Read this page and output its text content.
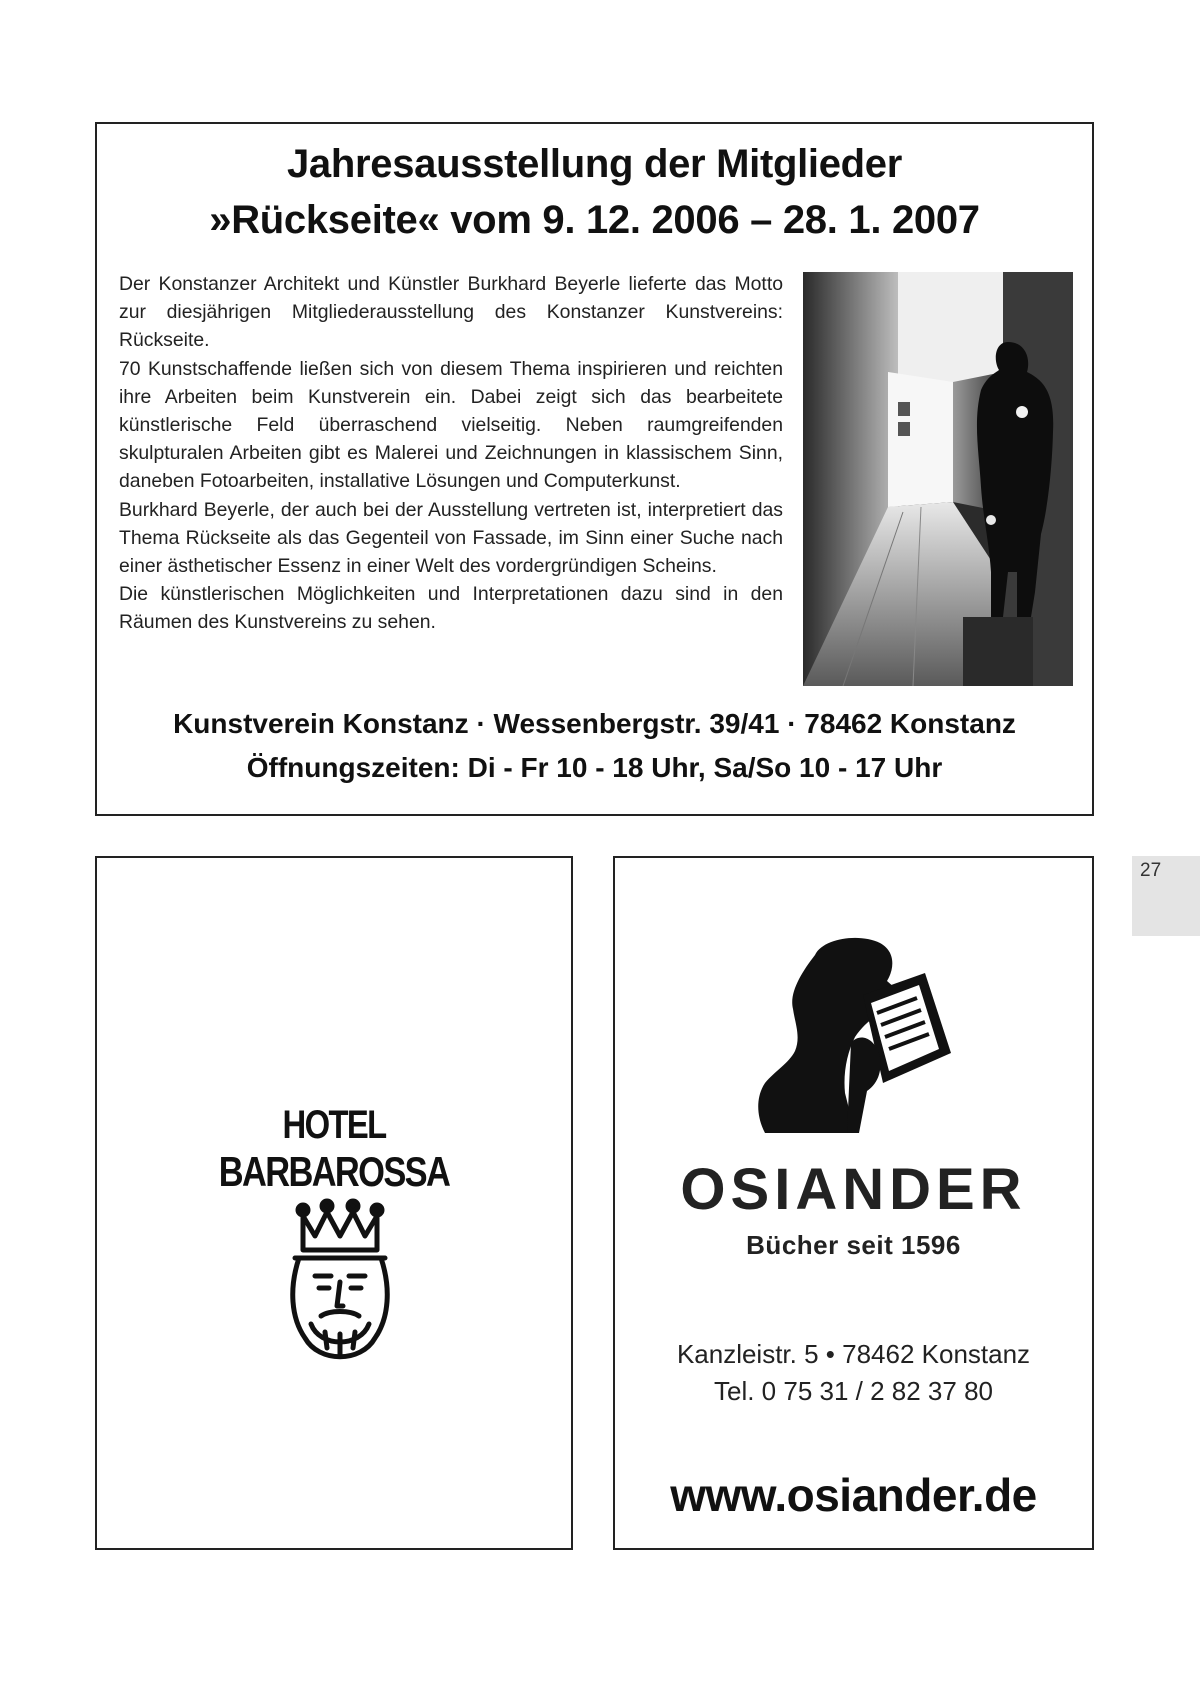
Jahresausstellung der Mitglieder
»Rückseite« vom 9. 12. 2006 – 28. 1. 2007

Der Konstanzer Architekt und Künstler Burkhard Beyerle lieferte das Motto zur diesjährigen Mitgliederausstellung des Konstanzer Kunstvereins: Rückseite.

70 Kunstschaffende ließen sich von diesem Thema inspirieren und reichten ihre Arbeiten beim Kunstverein ein. Dabei zeigt sich das bearbeitete künstlerische Feld überraschend vielseitig. Neben raumgreifenden skulpturalen Arbeiten gibt es Malerei und Zeichnungen in klassischem Sinn, daneben Fotoarbeiten, installative Lösungen und Computerkunst.

Burkhard Beyerle, der auch bei der Ausstellung vertreten ist, interpretiert das Thema Rückseite als das Gegenteil von Fassade, im Sinn einer Suche nach einer ästhetischer Essenz in einer Welt des vordergründigen Scheins.

Die künstlerischen Möglichkeiten und Interpretationen dazu sind in den Räumen des Kunstvereins zu sehen.

Kunstverein Konstanz · Wessenbergstr. 39/41 · 78462 Konstanz
Öffnungszeiten: Di - Fr 10 - 18 Uhr, Sa/So 10 - 17 Uhr
27
HOTEL
BARBAROSSA	OSIANDER
Bücher seit 1596
Kanzleistr. 5 • 78462 Konstanz
Tel. 0 75 31 / 2 82 37 80
www.osiander.de
